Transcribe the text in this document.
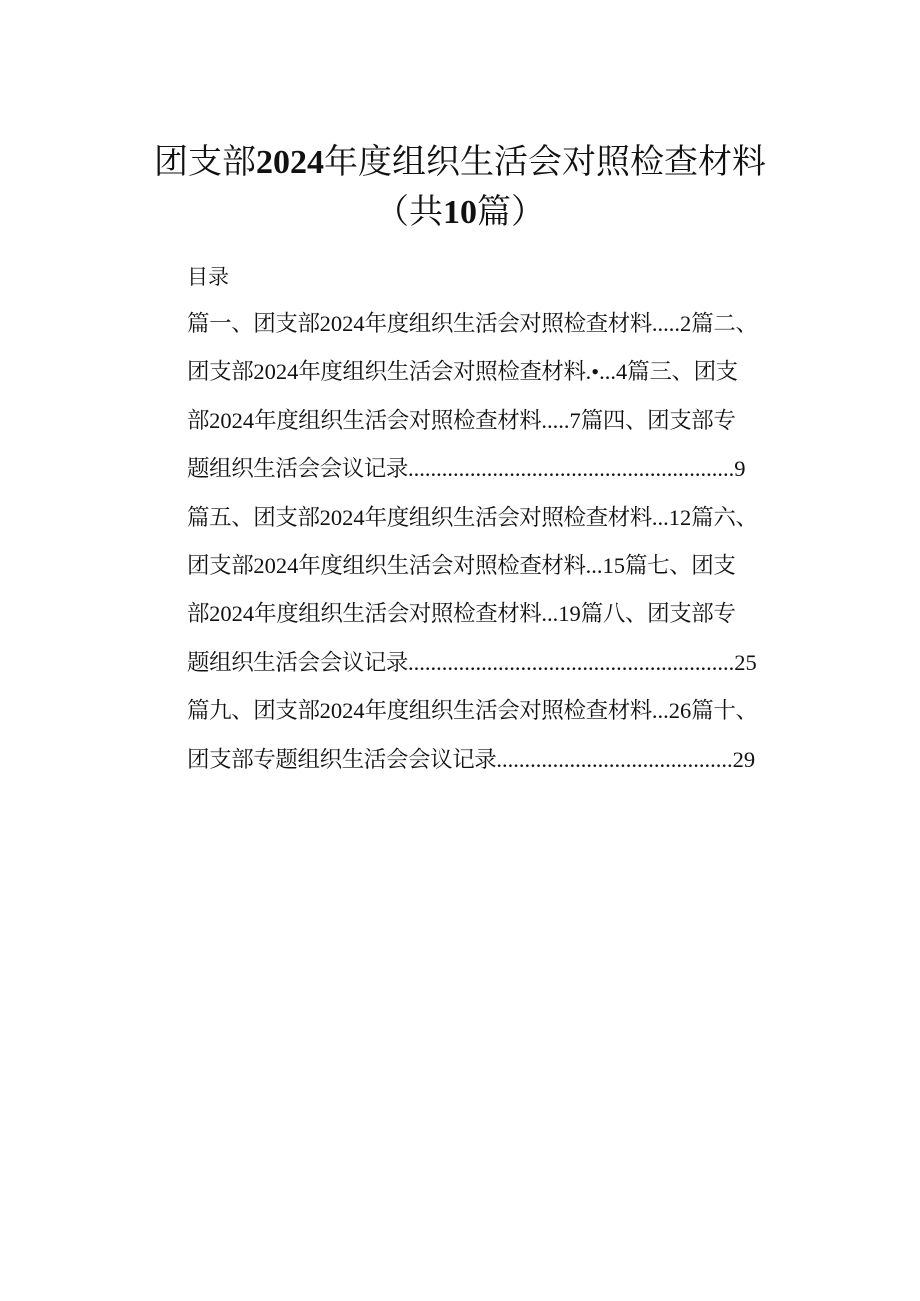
团支部2024年度组织生活会对照检查材料
（共10篇）
目录
篇一、团支部2024年度组织生活会对照检查材料.....2篇二、
团支部2024年度组织生活会对照检查材料.•...4篇三、团支
部2024年度组织生活会对照检查材料.....7篇四、团支部专
题组织生活会会议记录..........................................................9
篇五、团支部2024年度组织生活会对照检查材料...12篇六、
团支部2024年度组织生活会对照检查材料...15篇七、团支
部2024年度组织生活会对照检查材料...19篇八、团支部专
题组织生活会会议记录..........................................................25
篇九、团支部2024年度组织生活会对照检查材料...26篇十、
团支部专题组织生活会会议记录..........................................29
